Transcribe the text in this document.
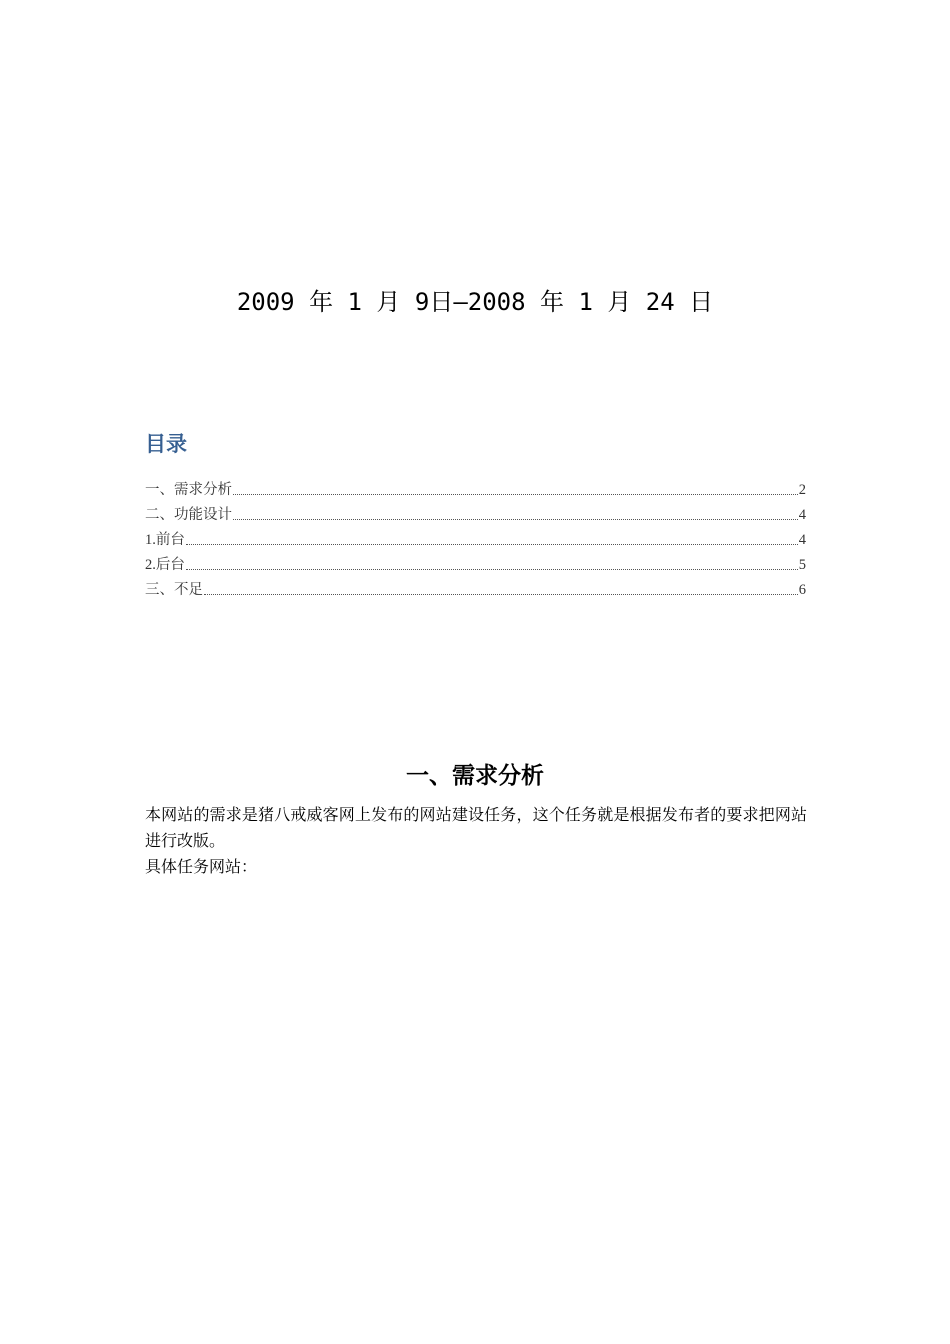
2009 年 1 月 9日—2008 年 1 月 24 日
目录
一、需求分析	2
二、功能设计	4
1.前台	4
2.后台	5
三、不足	6
一、需求分析

本网站的需求是猪八戒威客网上发布的网站建设任务，这个任务就是根据发布者的要求把网站进行改版。

具体任务网站：
